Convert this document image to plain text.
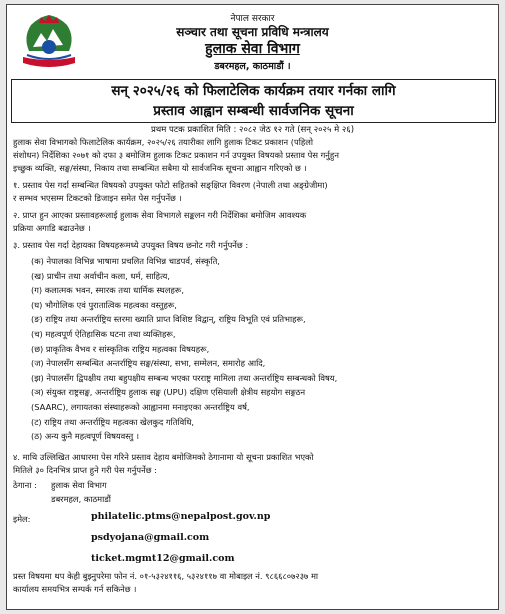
नेपाल सरकार
सञ्चार तथा सूचना प्रविधि मन्त्रालय
हुलाक सेवा विभाग
डबरमहल, काठमाडौं ।
सन् २०२५/२६ को फिलाटेलिक कार्यक्रम तयार गर्नका लागि
प्रस्ताव आह्वान सम्बन्धी सार्वजनिक सूचना
प्रथम पटक प्रकाशित मिति : २०८२ जेठ १२ गते (सन् २०२५ मे २६)
हुलाक सेवा विभागको फिलाटेलिक कार्यक्रम, २०२५/२६ तयारीका लागि हुलाक टिकट प्रकाशन (पहिलो
संशोधन) निर्देशिका २०७१ को दफा ३ बमोजिम हुलाक टिकट प्रकाशन गर्न उपयुक्त विषयको प्रस्ताव पेस गर्नुहुन
इच्छुक व्यक्ति, सङ्घ/संस्था, निकाय तथा सम्बन्धित सबैमा यो सार्वजनिक सूचना आह्वान गरिएको छ ।
१. प्रस्ताव पेस गर्दा सम्बन्धित विषयको उपयुक्त फोटो सहितको सङ्क्षिप्त विवरण (नेपाली तथा अङ्ग्रेजीमा)
र सम्भव भएसम्म टिकटको डिजाइन समेत पेस गर्नुपर्नेछ ।
२. प्राप्त हुन आएका प्रस्तावहरूलाई हुलाक सेवा विभागले सङ्कलन गरी निर्देशिका बमोजिम आवश्यक
प्रक्रिया अगाडि बढाउनेछ ।
३. प्रस्ताव पेस गर्दा देहायका विषयहरूमध्ये उपयुक्त विषय छनोट गरी गर्नुपर्नेछ :
(क) नेपालका विभिन्न भाषामा प्रचलित विभिन्न चाडपर्व, संस्कृति,
(ख) प्राचीन तथा अर्वाचीन कला, धर्म, साहित्य,
(ग) कलात्मक भवन, स्मारक तथा धार्मिक स्थलहरू,
(घ) भौगोलिक एवं पुरातात्विक महत्वका वस्तुहरू,
(ङ) राष्ट्रिय तथा अन्तर्राष्ट्रिय स्तरमा ख्याति प्राप्त विशिष्ट विद्वान्, राष्ट्रिय विभूति एवं प्रतिभाहरू,
(च) महत्वपूर्ण ऐतिहासिक घटना तथा व्यक्तिहरू,
(छ) प्राकृतिक वैभव र सांस्कृतिक राष्ट्रिय महत्वका विषयहरू,
(ज) नेपालसँग सम्बन्धित अन्तर्राष्ट्रिय सङ्घ/संस्था, सभा, सम्मेलन, समारोह आदि,
(झ) नेपालसँग द्विपक्षीय तथा बहुपक्षीय सम्बन्ध भएका परराष्ट्र मामिला तथा अन्तर्राष्ट्रिय सम्बन्धको विषय,
(ञ) संयुक्त राष्ट्रसङ्घ, अन्तर्राष्ट्रिय हुलाक सङ्घ (UPU) दक्षिण एसियाली क्षेत्रीय सहयोग सङ्गठन
(SAARC), लगायतका संस्थाहरूको आह्वानमा मनाइएका अन्तर्राष्ट्रिय वर्ष,
(ट) राष्ट्रिय तथा अन्तर्राष्ट्रिय महत्वका खेलकुद गतिविधि,
(ठ) अन्य कुनै महत्वपूर्ण विषयवस्तु ।
४. माथि उल्लिखित आधारमा पेस गरिने प्रस्ताव देहाय बमोजिमको ठेगानामा यो सूचना प्रकाशित भएको
मितिले ३० दिनभित्र प्राप्त हुने गरी पेस गर्नुपर्नेछ :
ठेगाना : हुलाक सेवा विभाग
डबरमहल, काठमाडौं
इमेल:	philatelic.ptms@nepalpost.gov.np
psdyojana@gmail.com
ticket.mgmt12@gmail.com
प्रस्त विषयमा थप केही बुझ्नुपरेमा फोन नं. ०१-५३२४११६, ५३२४११७ वा मोबाइल नं. ९८६६८०७२३७ मा
कार्यालय समयभित्र सम्पर्क गर्न सकिनेछ ।
